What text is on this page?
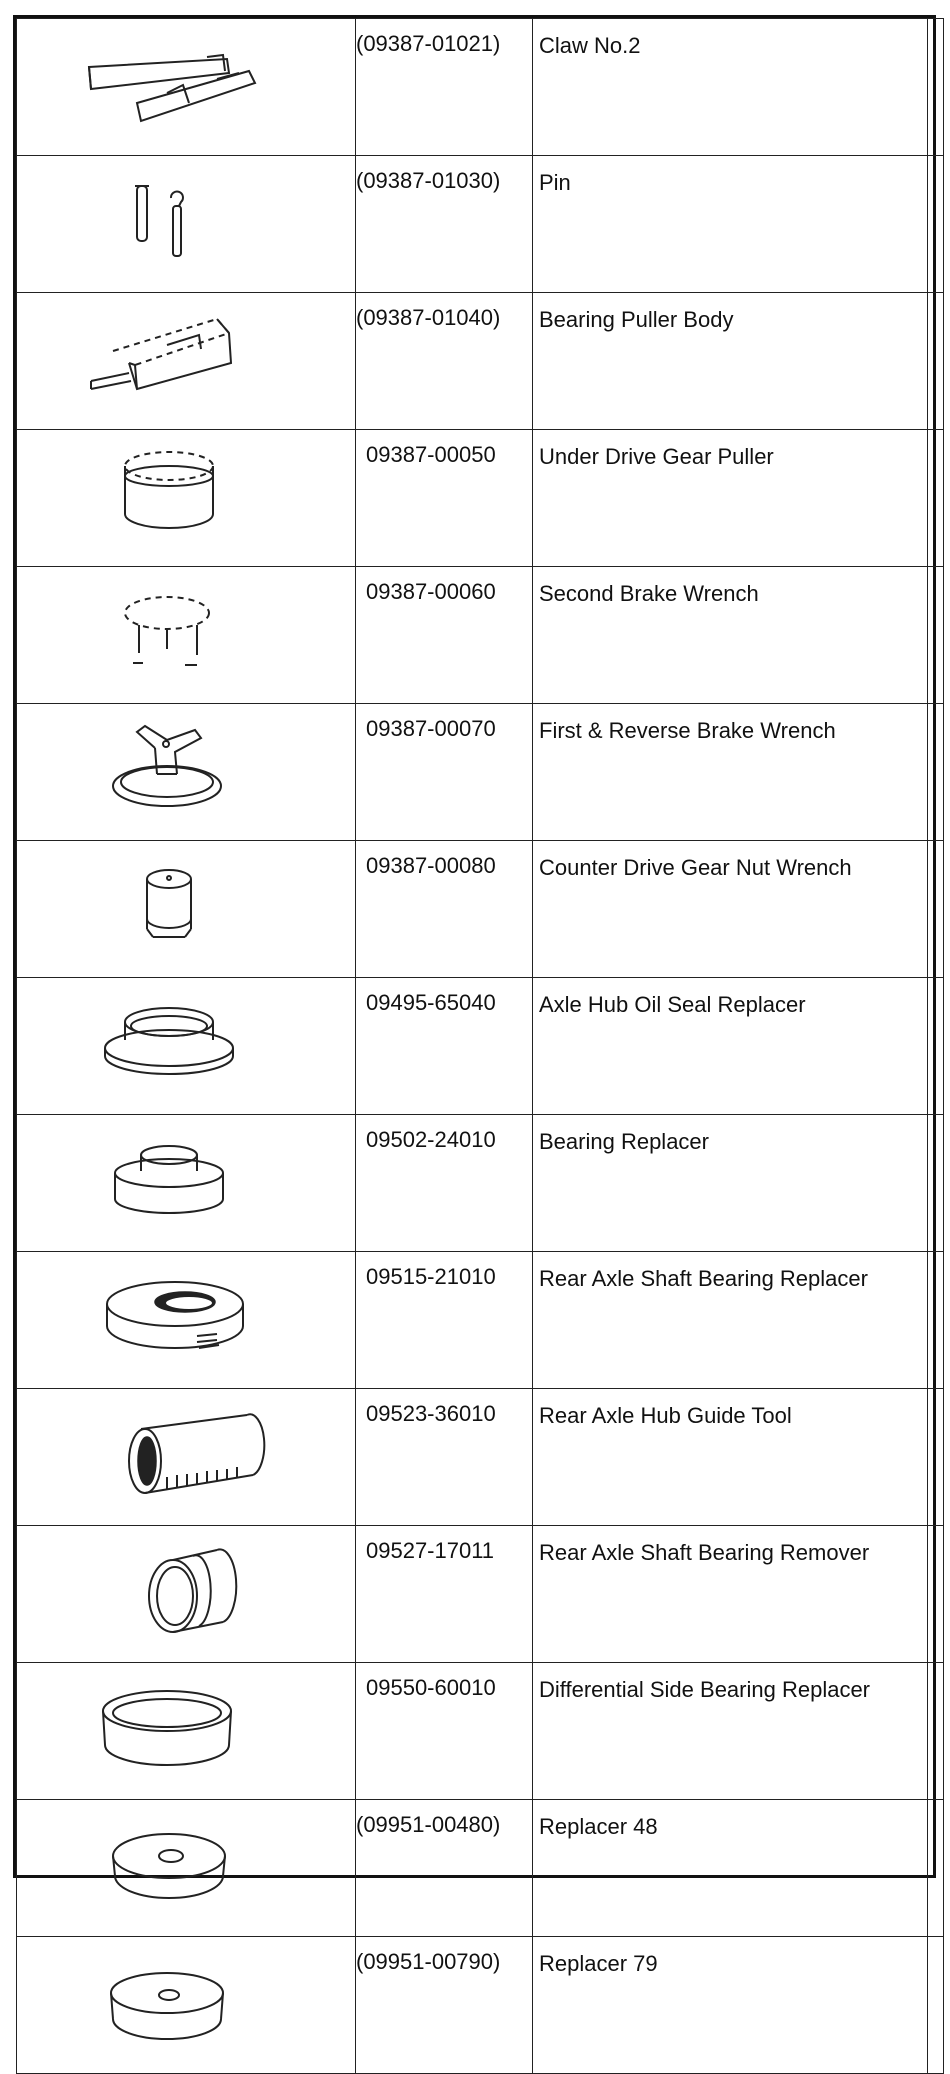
(09387-01021)	Claw No.2	

(09387-01030)	Pin	

(09387-01040)	Bearing Puller Body	

09387-00050	Under Drive Gear Puller	

09387-00060	Second Brake Wrench	

09387-00070	First & Reverse Brake Wrench	

09387-00080	Counter Drive Gear Nut Wrench	

09495-65040	Axle Hub Oil Seal Replacer	

09502-24010	Bearing Replacer	

09515-21010	Rear Axle Shaft Bearing Replacer	

09523-36010	Rear Axle Hub Guide Tool	

09527-17011	Rear Axle Shaft Bearing Remover	

09550-60010	Differential Side Bearing Replacer	

(09951-00480)	Replacer 48	

(09951-00790)	Replacer 79	
